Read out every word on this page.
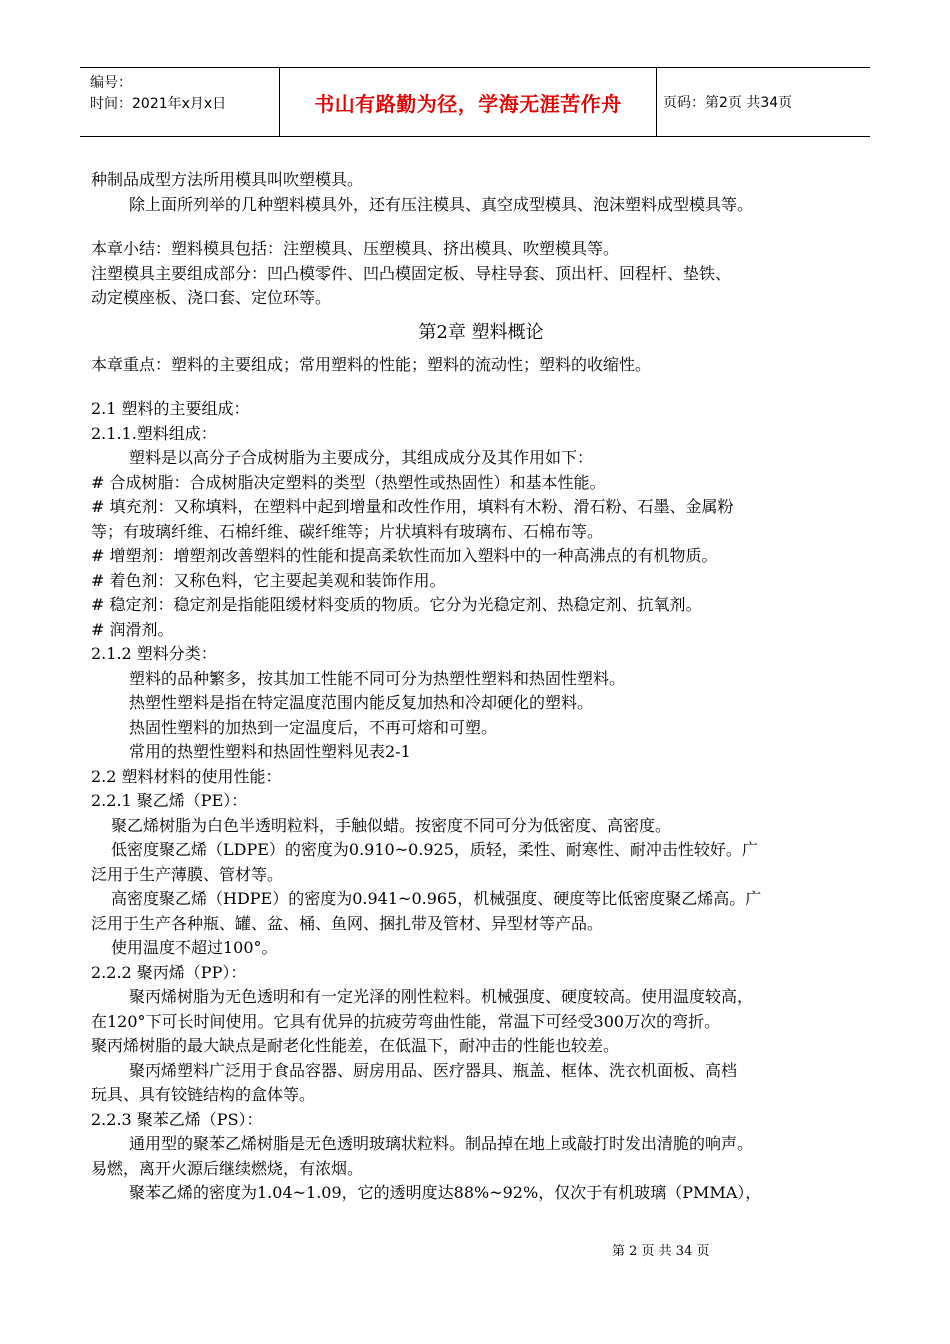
编号：
时间：2021年x月x日	书山有路勤为径，学海无涯苦作舟	页码：第2页 共34页
种制品成型方法所用模具叫吹塑模具。
除上面所列举的几种塑料模具外，还有压注模具、真空成型模具、泡沫塑料成型模具等。
本章小结：塑料模具包括：注塑模具、压塑模具、挤出模具、吹塑模具等。
注塑模具主要组成部分：凹凸模零件、凹凸模固定板、导柱导套、顶出杆、回程杆、垫铁、
动定模座板、浇口套、定位环等。
第2章 塑料概论
本章重点：塑料的主要组成；常用塑料的性能；塑料的流动性；塑料的收缩性。
2.1 塑料的主要组成：
2.1.1.塑料组成：
塑料是以高分子合成树脂为主要成分，其组成成分及其作用如下：
# 合成树脂：合成树脂决定塑料的类型（热塑性或热固性）和基本性能。
# 填充剂：又称填料，在塑料中起到增量和改性作用，填料有木粉、滑石粉、石墨、金属粉
等；有玻璃纤维、石棉纤维、碳纤维等；片状填料有玻璃布、石棉布等。
# 增塑剂：增塑剂改善塑料的性能和提高柔软性而加入塑料中的一种高沸点的有机物质。
# 着色剂：又称色料，它主要起美观和装饰作用。
# 稳定剂：稳定剂是指能阻缓材料变质的物质。它分为光稳定剂、热稳定剂、抗氧剂。
# 润滑剂。
2.1.2 塑料分类：
塑料的品种繁多，按其加工性能不同可分为热塑性塑料和热固性塑料。
热塑性塑料是指在特定温度范围内能反复加热和冷却硬化的塑料。
热固性塑料的加热到一定温度后，不再可熔和可塑。
常用的热塑性塑料和热固性塑料见表2-1
2.2 塑料材料的使用性能：
2.2.1 聚乙烯（PE）：
聚乙烯树脂为白色半透明粒料，手触似蜡。按密度不同可分为低密度、高密度。
低密度聚乙烯（LDPE）的密度为0.910~0.925，质轻，柔性、耐寒性、耐冲击性较好。广
泛用于生产薄膜、管材等。
高密度聚乙烯（HDPE）的密度为0.941~0.965，机械强度、硬度等比低密度聚乙烯高。广
泛用于生产各种瓶、罐、盆、桶、鱼网、捆扎带及管材、异型材等产品。
使用温度不超过100°。
2.2.2 聚丙烯（PP）：
聚丙烯树脂为无色透明和有一定光泽的刚性粒料。机械强度、硬度较高。使用温度较高，
在120°下可长时间使用。它具有优异的抗疲劳弯曲性能，常温下可经受300万次的弯折。
聚丙烯树脂的最大缺点是耐老化性能差，在低温下，耐冲击的性能也较差。
聚丙烯塑料广泛用于食品容器、厨房用品、医疗器具、瓶盖、框体、洗衣机面板、高档
玩具、具有铰链结构的盒体等。
2.2.3 聚苯乙烯（PS）：
通用型的聚苯乙烯树脂是无色透明玻璃状粒料。制品掉在地上或敲打时发出清脆的响声。
易燃，离开火源后继续燃烧，有浓烟。
聚苯乙烯的密度为1.04~1.09，它的透明度达88%~92%，仅次于有机玻璃（PMMA），
第 2 页 共 34 页
